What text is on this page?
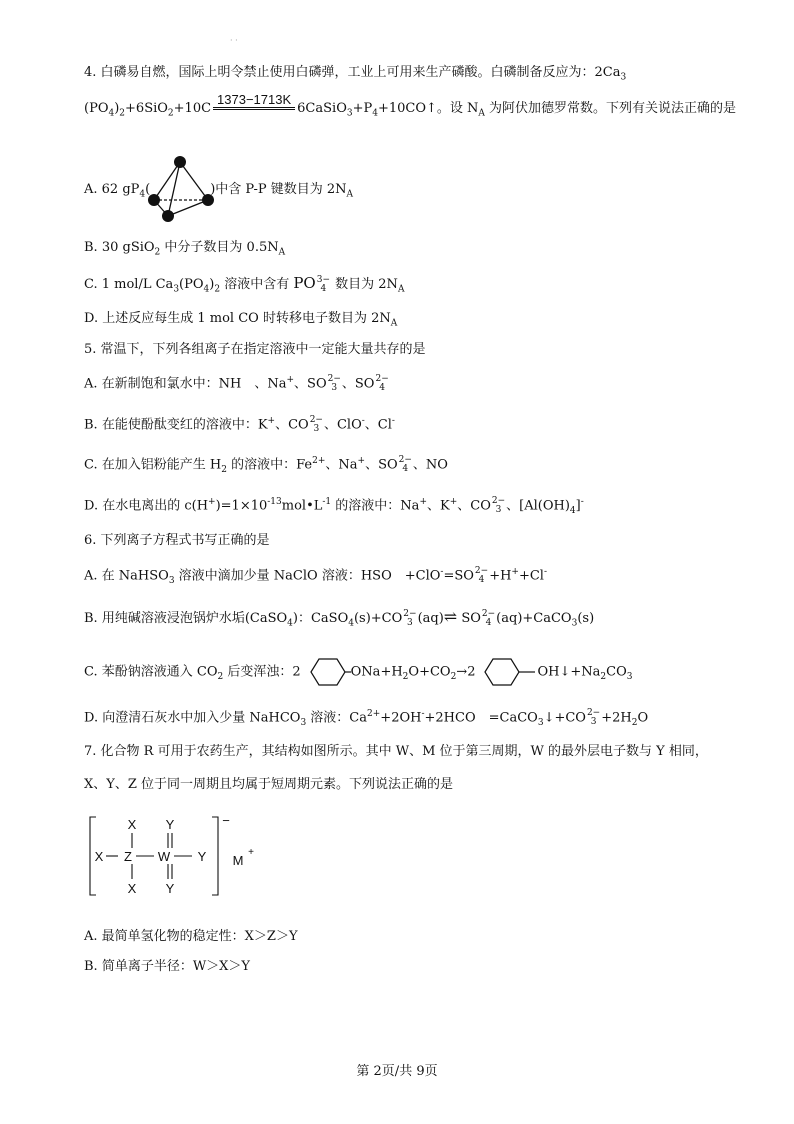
· ·
4. 白磷易自燃，国际上明令禁止使用白磷弹，工业上可用来生产磷酸。白磷制备反应为：$2Ca_3$
$(PO_4)_2+6SiO_2+10C$
1373−1713K
$6CaSiO_3+P_4+10CO↑$。设 $N_A$ 为阿伏加德罗常数。下列有关说法正确的是
A. 62 $gP_4$(	)中含 P-P 键数目为 $2N_A$
B. 30 gSiO$_2$ 中分子数目为 $0.5N_A$
C. 1 mol/L $Ca_3(PO_4)_2$ 溶液中含有 PO 3−
4 数目为 $2N_A$
D. 上述反应每生成 1 mol CO 时转移电子数目为 $2N_A$
5. 常温下，下列各组离子在指定溶液中一定能大量共存的是
A. 在新制饱和氯水中：NH　、Na+、SO 2−
3 、SO 2−
4
B. 在能使酚酞变红的溶液中：K+、CO 2−
3 、ClO-、Cl-
C. 在加入铝粉能产生 $H_2$ 的溶液中：$Fe^{2+}$、Na+、SO 2−
4 、NO
D. 在水电离出的 $c(H^+)=1\times 10^{-13}mol•L^{-1}$ 的溶液中：Na+、K+、CO 2−
3 、$[Al(OH)_4]^-$
6. 下列离子方程式书写正确的是
A. 在 NaHSO$_3$ 溶液中滴加少量 NaClO 溶液：HSO　+ClO-=SO 2−
4 +H++Cl-
B. 用纯碱溶液浸泡锅炉水垢(CaSO$_4$)：CaSO$_4$(s)+CO 2−
3 (aq)⇌ SO 2−
4 (aq)+CaCO$_3$(s)
C. 苯酚钠溶液通入 $CO_2$ 后变浑浊：2	$ONa+H_2O+CO_2\to 2$	$OH↓+Na_2CO_3$
D. 向澄清石灰水中加入少量 NaHCO$_3$ 溶液：$Ca^{2+}+2OH^-+2HCO$　=CaCO$_3$↓+CO 2−
$3 +2H_2O$
7. 化合物 R 可用于农药生产，其结构如图所示。其中 W、M 位于第三周期，W 的最外层电子数与 Y 相同，
X、Y、Z 位于同一周期且均属于短周期元素。下列说法正确的是
X Z W Y
X
X
Y
Y
−
M
+
A. 最简单氢化物的稳定性：X＞Z＞Y
B. 简单离子半径：W＞X＞Y
第 2页/共 9页
